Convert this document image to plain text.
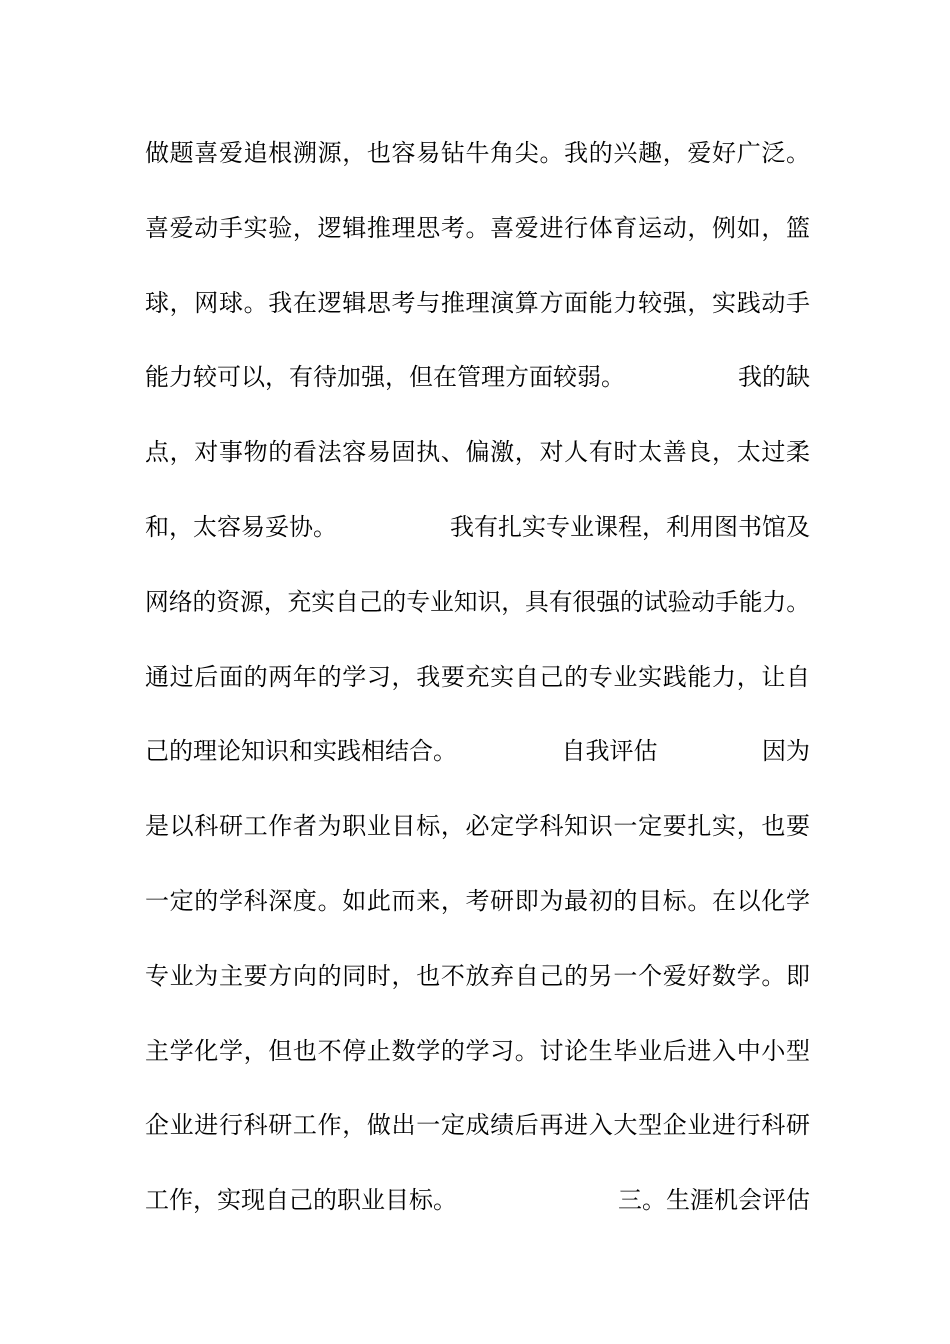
做题喜爱追根溯源，也容易钻牛角尖。我的兴趣，爱好广泛。
喜爱动手实验，逻辑推理思考。喜爱进行体育运动，例如，篮
球，网球。我在逻辑思考与推理演算方面能力较强，实践动手
能力较可以，有待加强，但在管理方面较弱。	我的缺
点，对事物的看法容易固执、偏激，对人有时太善良，太过柔
和，太容易妥协。	我有扎实专业课程，利用图书馆及
网络的资源，充实自己的专业知识，具有很强的试验动手能力。
通过后面的两年的学习，我要充实自己的专业实践能力，让自
己的理论知识和实践相结合。	自我评估	因为
是以科研工作者为职业目标，必定学科知识一定要扎实，也要
一定的学科深度。如此而来，考研即为最初的目标。在以化学
专业为主要方向的同时，也不放弃自己的另一个爱好数学。即
主学化学，但也不停止数学的学习。讨论生毕业后进入中小型
企业进行科研工作，做出一定成绩后再进入大型企业进行科研
工作，实现自己的职业目标。	三。生涯机会评估
